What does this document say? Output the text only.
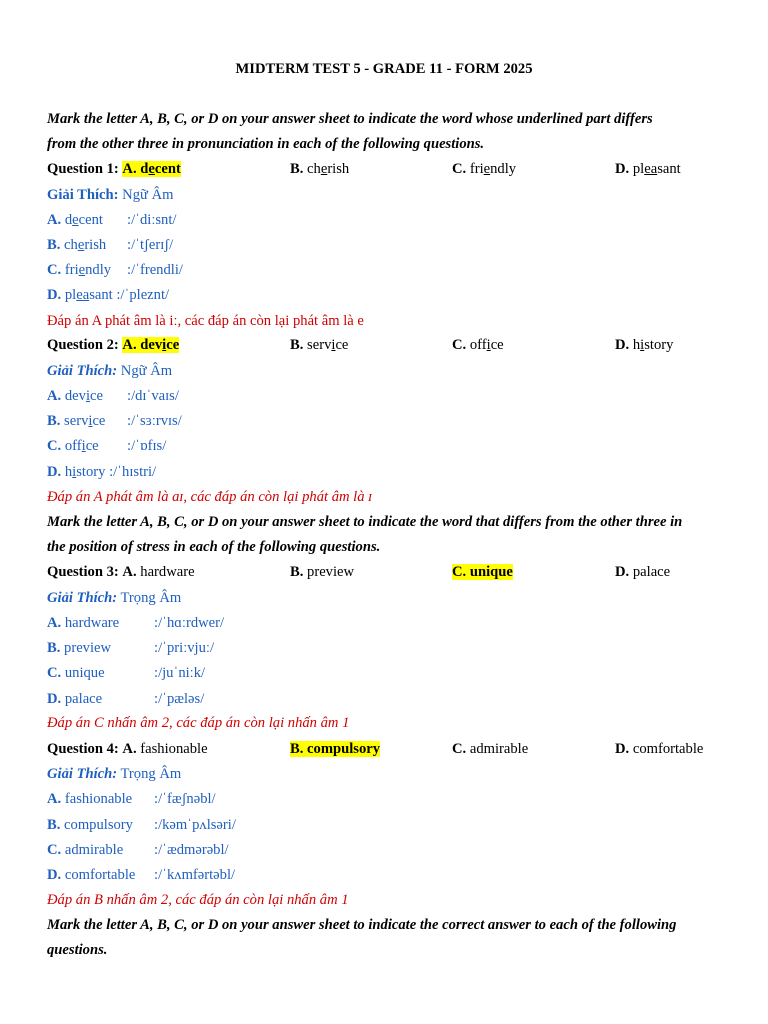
MIDTERM TEST 5 - GRADE 11 - FORM 2025
Mark the letter A, B, C, or D on your answer sheet to indicate the word whose underlined part differs
from the other three in pronunciation in each of the following questions.
Question 1: A. decent	B. cherish	C. friendly	D. pleasant
Giải Thích: Ngữ Âm
A. decent :/ˈdiːsnt/
B. cherish :/ˈtʃerɪʃ/
C. friendly :/ˈfrendli/
D. pleasant :/ˈpleznt/
Đáp án A phát âm là iː, các đáp án còn lại phát âm là e
Question 2: A. device	B. service	C. office	D. history
Giải Thích: Ngữ Âm
A. device :/dɪˈvaɪs/
B. service :/ˈsɜːrvɪs/
C. office :/ˈɒfɪs/
D. history :/ˈhɪstri/
Đáp án A phát âm là aɪ, các đáp án còn lại phát âm là ɪ
Mark the letter A, B, C, or D on your answer sheet to indicate the word that differs from the other three in
the position of stress in each of the following questions.
Question 3: A. hardware	B. preview	C. unique	D. palace
Giải Thích: Trọng Âm
A. hardware :/ˈhɑːrdwer/
B. preview	:/ˈpriːvjuː/
C. unique	:/juˈniːk/
D. palace	:/ˈpæləs/
Đáp án C nhấn âm 2, các đáp án còn lại nhấn âm 1
Question 4: A. fashionable	B. compulsory	C. admirable	D. comfortable
Giải Thích: Trọng Âm
A. fashionable :/ˈfæʃnəbl/
B. compulsory :/kəmˈpʌlsəri/
C. admirable :/ˈædmərəbl/
D. comfortable :/ˈkʌmfərtəbl/
Đáp án B nhấn âm 2, các đáp án còn lại nhấn âm 1
Mark the letter A, B, C, or D on your answer sheet to indicate the correct answer to each of the following
questions.
